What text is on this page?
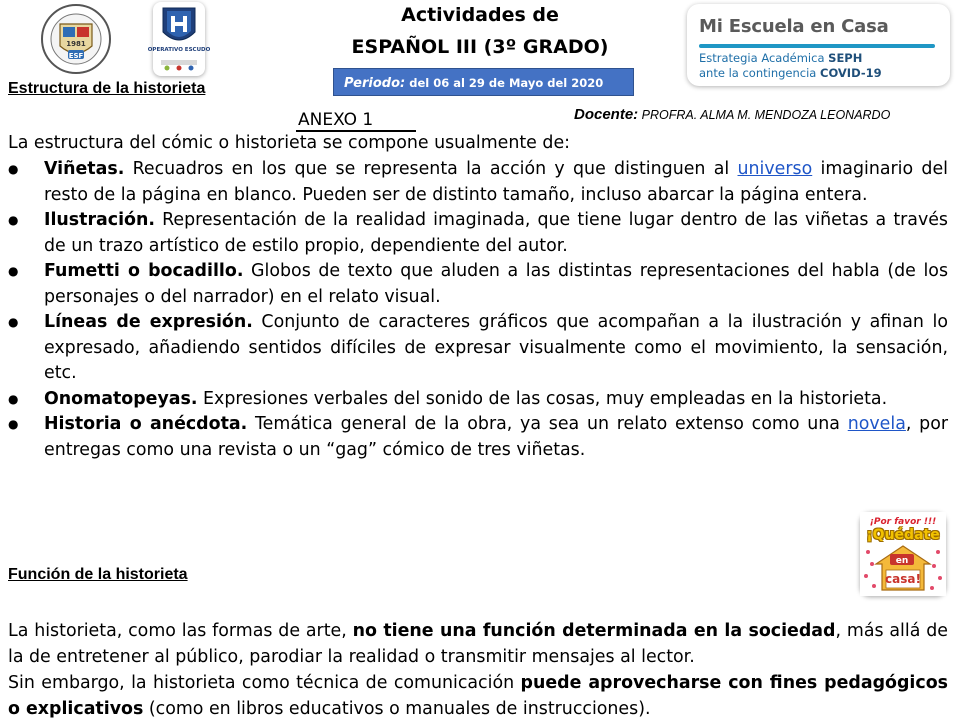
1981
ESF
OPERATIVO ESCUDO
Actividades de
ESPAÑOL III (3º GRADO)
Periodo: del 06 al 29 de Mayo del 2020
Mi Escuela en Casa
Estrategia Académica SEPH
ante la contingencia COVID-19
Estructura de la historieta
ANEXO 1	Docente: PROFRA. ALMA M. MENDOZA LEONARDO
La estructura del cómic o historieta se compone usualmente de:
● Viñetas. Recuadros en los que se representa la acción y que distinguen al universo imaginario del resto de la página en blanco. Pueden ser de distinto tamaño, incluso abarcar la página entera.
● Ilustración. Representación de la realidad imaginada, que tiene lugar dentro de las viñetas a través de un trazo artístico de estilo propio, dependiente del autor.
● Fumetti o bocadillo. Globos de texto que aluden a las distintas representaciones del habla (de los personajes o del narrador) en el relato visual.
● Líneas de expresión. Conjunto de caracteres gráficos que acompañan a la ilustración y afinan lo expresado, añadiendo sentidos difíciles de expresar visualmente como el movimiento, la sensación, etc.
● Onomatopeyas. Expresiones verbales del sonido de las cosas, muy empleadas en la historieta.
● Historia o anécdota. Temática general de la obra, ya sea un relato extenso como una novela, por entregas como una revista o un “gag” cómico de tres viñetas.
en
casa!
¡Por favor !!!
¡Quédate
Función de la historieta
La historieta, como las formas de arte, no tiene una función determinada en la sociedad, más allá de la de entretener al público, parodiar la realidad o transmitir mensajes al lector.
Sin embargo, la historieta como técnica de comunicación puede aprovecharse con fines pedagógicos o explicativos (como en libros educativos o manuales de instrucciones).
